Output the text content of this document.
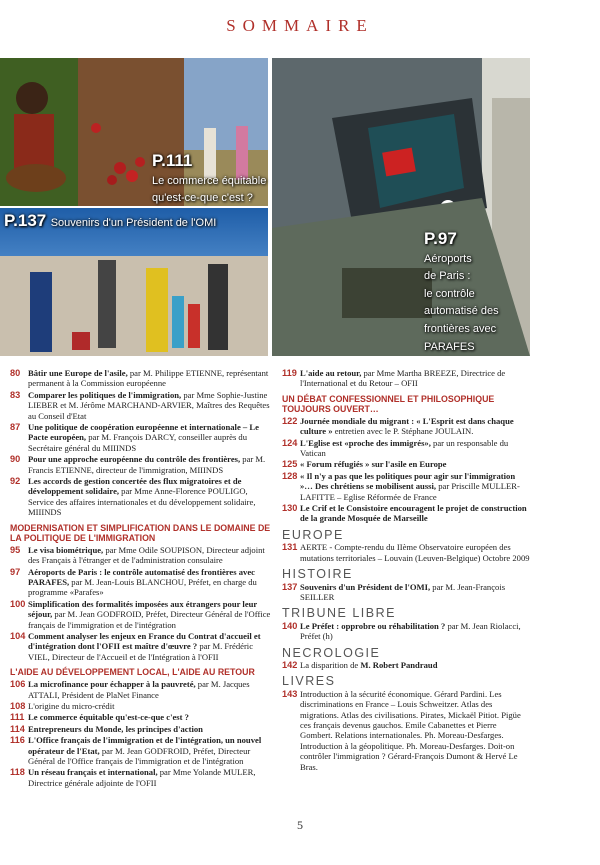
SOMMAIRE
P.111
Le commerce équitable
qu'est-ce-que c'est ?
P.137 Souvenirs d'un Président de l'OMI
P.97
Aéroports
de Paris :
le contrôle
automatisé des
frontières avec
PARAFES
80 Bâtir une Europe de l'asile, par M. Philippe ETIENNE, représentant permanent à la Commission européenne
83 Comparer les politiques de l'immigration, par Mme Sophie-Justine LIEBER et M. Jérôme MARCHAND-ARVIER, Maîtres des Requêtes au Conseil d'Etat
87 Une politique de coopération européenne et internationale – Le Pacte européen, par M. François DARCY, conseiller auprès du Secrétaire général du MIIINDS
90 Pour une approche européenne du contrôle des frontières, par M. Francis ETIENNE, directeur de l'immigration, MIIINDS
92 Les accords de gestion concertée des flux migratoires et de développement solidaire, par Mme Anne-Florence POULIGO, Service des affaires internationales et du développement solidaire, MIIINDS
MODERNISATION ET SIMPLIFICATION DANS LE DOMAINE DE LA POLITIQUE DE L'IMMIGRATION
95 Le visa biométrique, par Mme Odile SOUPISON, Directeur adjoint des Français à l'étranger et de l'administration consulaire
97 Aéroports de Paris : le contrôle automatisé des frontières avec PARAFES, par M. Jean-Louis BLANCHOU, Préfet, en charge du programme «Parafes»
100 Simplification des formalités imposées aux étrangers pour leur séjour, par M. Jean GODFROID, Préfet, Directeur Général de l'Office français de l'immigration et de l'intégration
104 Comment analyser les enjeux en France du Contrat d'accueil et d'intégration dont l'OFII est maître d'œuvre ? par M. Frédéric VIEL, Directeur de l'Accueil et de l'Intégration à l'OFII
L'AIDE AU DÉVELOPPEMENT LOCAL, L'AIDE AU RETOUR
106 La microfinance pour échapper à la pauvreté, par M. Jacques ATTALI, Président de PlaNet Finance
108 L'origine du micro-crédit
111 Le commerce équitable qu'est-ce-que c'est ?
114 Entrepreneurs du Monde, les principes d'action
116 L'Office français de l'immigration et de l'intégration, un nouvel opérateur de l'Etat, par M. Jean GODFROID, Préfet, Directeur Général de l'Office français de l'immigration et de l'intégration
118 Un réseau français et international, par Mme Yolande MULER, Directrice générale adjointe de l'OFII
119 L'aide au retour, par Mme Martha BREEZE, Directrice de l'International et du Retour – OFII
UN DÉBAT CONFESSIONNEL ET PHILOSOPHIQUE TOUJOURS OUVERT…
122 Journée mondiale du migrant : « L'Esprit est dans chaque culture » entretien avec le P. Stéphane JOULAIN.
124 L'Eglise est «proche des immigrés», par un responsable du Vatican
125 « Forum réfugiés » sur l'asile en Europe
128 « Il n'y a pas que les politiques pour agir sur l'immigration »… Des chrétiens se mobilisent aussi, par Priscille MULLER-LAFITTE – Eglise Réformée de France
130 Le Crif et le Consistoire encouragent le projet de construction de la grande Mosquée de Marseille
EUROPE
131 AERTE - Compte-rendu du IIème Observatoire européen des mutations territoriales – Louvain (Leuven-Belgique) Octobre 2009
HISTOIRE
137 Souvenirs d'un Président de l'OMI, par M. Jean-François SEILLER
TRIBUNE LIBRE
140 Le Préfet : opprobre ou réhabilitation ? par M. Jean Riolacci, Préfet (h)
NECROLOGIE
142 La disparition de M. Robert Pandraud
LIVRES
143 Introduction à la sécurité économique. Gérard Pardini. Les discriminations en France – Louis Schweitzer. Atlas des migrations. Atlas des civilisations. Pirates, Mickaël Pitiot. Pigüe ces français devenus gauchos. Emile Cabanettes et Pierre Gombert. Relations internationales. Ph. Moreau-Desfarges. Introduction à la géopolitique. Ph. Moreau-Desfarges. Doit-on contrôler l'immigration ? Gérard-François Dumont & Hervé Le Bras.
5
